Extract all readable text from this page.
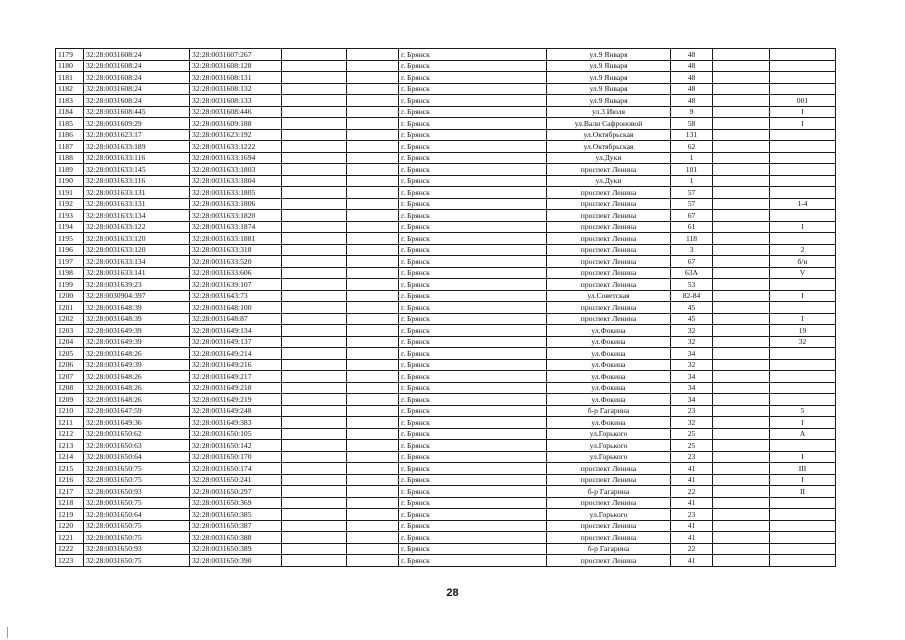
1179	32:28:0031608:24	32:28:0031607:267			г. Брянск	ул.9 Января	48		
1180	32:28:0031608:24	32:28:0031608:128			г. Брянск	ул.9 Января	48		
1181	32:28:0031608:24	32:28:0031608:131			г. Брянск	ул.9 Января	48		
1182	32:28:0031608:24	32:28:0031608:132			г. Брянск	ул.9 Января	48		
1183	32:28:0031608:24	32:28:0031608:133			г. Брянск	ул.9 Января	48		001
1184	32:28:0031608:445	32:28:0031608:446			г. Брянск	ул.3 Июля	9		I
1185	32:28:0031609:29	32:28:0031609:188			г. Брянск	ул.Вали Сафроновой	58		I
1186	32:28:0031623:17	32:28:0031623:192			г. Брянск	ул.Октябрьская	131		
1187	32:28:0031633:189	32:28:0031633:1222			г. Брянск	ул.Октябрьская	62		
1188	32:28:0031633:116	32:28:0031633:1694			г. Брянск	ул.Дуки	1		
1189	32:28:0031633:145	32:28:0031633:1803			г. Брянск	проспект Ленина	101		
1190	32:28:0031633:116	32:28:0031633:1804			г. Брянск	ул.Дуки	1		
1191	32:28:0031633:131	32:28:0031633:1805			г. Брянск	проспект Ленина	57		
1192	32:28:0031633:131	32:28:0031633:1806			г. Брянск	проспект Ленина	57		1-4
1193	32:28:0031633:134	32:28:0031633:1820			г. Брянск	проспект Ленина	67		
1194	32:28:0031633:122	32:28:0031633:1874			г. Брянск	проспект Ленина	61		I
1195	32:28:0031633:120	32:28:0031633:1881			г. Брянск	проспект Ленина	118		
1196	32:28:0031633:120	32:28:0031633:318			г. Брянск	проспект Ленина	3		2
1197	32:28:0031633:134	32:28:0031633:520			г. Брянск	проспект Ленина	67		б/н
1198	32:28:0031633:141	32:28:0031633:606			г. Брянск	проспект Ленина	63А		V
1199	32:28:0031639:23	32:28:0031639:107			г. Брянск	проспект Ленина	53		
1200	32:28:0030904:397	32:28:0031643:73			г. Брянск	ул.Советская	82-84		I
1201	32:28:0031648:39	32:28:0031648:100			г. Брянск	проспект Ленина	45		
1202	32:28:0031648:39	32:28:0031648:87			г. Брянск	проспект Ленина	45		I
1203	32:28:0031649:39	32:28:0031649:134			г. Брянск	ул.Фокина	32		19
1204	32:28:0031649:39	32:28:0031649:137			г. Брянск	ул.Фокина	32		32
1205	32:28:0031648:26	32:28:0031649:214			г. Брянск	ул.Фокина	34		
1206	32:28:0031649:39	32:28:0031649:216			г. Брянск	ул.Фокина	32		
1207	32:28:0031648:26	32:28:0031649:217			г. Брянск	ул.Фокина	34		
1208	32:28:0031648:26	32:28:0031649:218			г. Брянск	ул.Фокина	34		
1209	32:28:0031648:26	32:28:0031649:219			г. Брянск	ул.Фокина	34		
1210	32:28:0031647:59	32:28:0031649:248			г. Брянск	б-р Гагарина	23		5
1211	32:28:0031649:36	32:28:0031649:383			г. Брянск	ул.Фокина	32		I
1212	32:28:0031650:62	32:28:0031650:105			г. Брянск	ул.Горького	25		А
1213	32:28:0031650:63	32:28:0031650:142			г. Брянск	ул.Горького	25		
1214	32:28:0031650:64	32:28:0031650:170			г. Брянск	ул.Горького	23		I
1215	32:28:0031650:75	32:28:0031650:174			г. Брянск	проспект Ленина	41		III
1216	32:28:0031650:75	32:28:0031650:241			г. Брянск	проспект Ленина	41		I
1217	32:28:0031650:93	32:28:0031650:297			г. Брянск	б-р Гагарина	22		II
1218	32:28:0031650:75	32:28:0031650:369			г. Брянск	проспект Ленина	41		
1219	32:28:0031650:64	32:28:0031650:385			г. Брянск	ул.Горького	23		
1220	32:28:0031650:75	32:28:0031650:387			г. Брянск	проспект Ленина	41		
1221	32:28:0031650:75	32:28:0031650:388			г. Брянск	проспект Ленина	41		
1222	32:28:0031650:93	32:28:0031650:389			г. Брянск	б-р Гагарина	22		
1223	32:28:0031650:75	32:28:0031650:390			г. Брянск	проспект Ленина	41		
28
